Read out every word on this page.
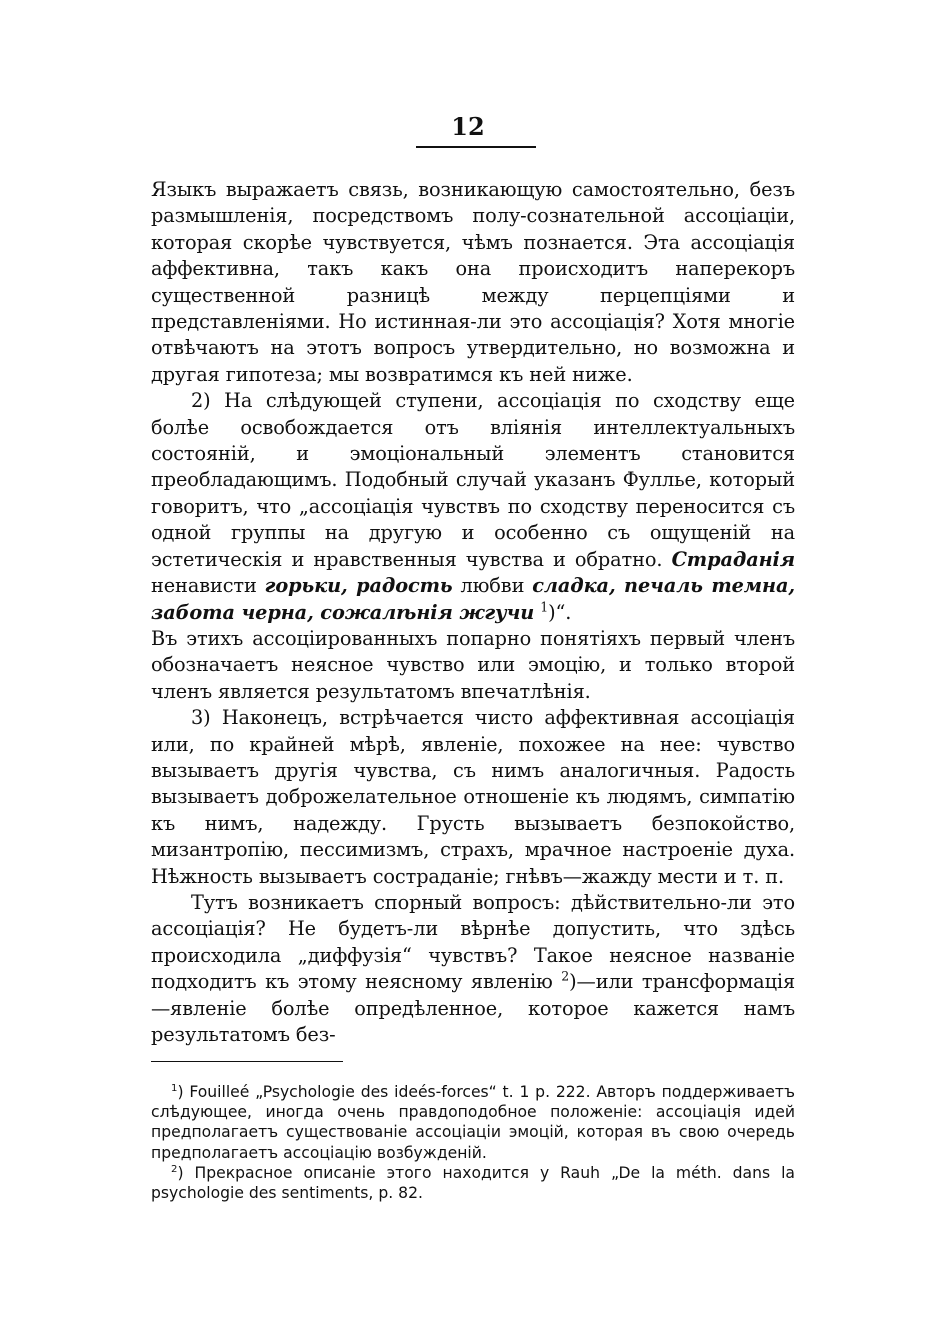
12

Языкъ выражаетъ связь, возникающую самостоятельно, безъ размышленія, посредствомъ полу-сознательной ассоціаціи, которая скорѣе чувствуется, чѣмъ познается. Эта ассоціація аффективна, такъ какъ она происходитъ наперекоръ существенной разницѣ между перцепціями и представленіями. Но истинная-ли это ассоціація? Хотя многіе отвѣчаютъ на этотъ вопросъ утвердительно, но возможна и другая гипотеза; мы возвратимся къ ней ниже.

2) На слѣдующей ступени, ассоціація по сходству еще болѣе освобождается отъ вліянія интеллектуальныхъ состояній, и эмоціональный элементъ становится преобладающимъ. Подобный случай указанъ Фуллье, который говоритъ, что „ассоціація чувствъ по сходству переносится съ одной группы на другую и особенно съ ощущеній на эстетическія и нравственныя чувства и обратно. Страданія ненависти горьки, радость любви сладка, печаль темна, забота черна, сожалѣнія жгучи $^1$)“.

Въ этихъ ассоціированныхъ попарно понятіяхъ первый членъ обозначаетъ неясное чувство или эмоцію, и только второй членъ является результатомъ впечатлѣнія.

3) Наконецъ, встрѣчается чисто аффективная ассоціація или, по крайней мѣрѣ, явленіе, похожее на нее: чувство вызываетъ другія чувства, съ нимъ аналогичныя. Радость вызываетъ доброжелательное отношеніе къ людямъ, симпатію къ нимъ, надежду. Грусть вызываетъ безпокойство, мизантропію, пессимизмъ, страхъ, мрачное настроеніе духа. Нѣжность вызываетъ состраданіе; гнѣвъ—жажду мести и т. п.

Тутъ возникаетъ спорный вопросъ: дѣйствительно-ли это ассоціація? Не будетъ-ли вѣрнѣе допустить, что здѣсь происходила „диффузія“ чувствъ? Такое неясное названіе подходитъ къ этому неясному явленію $^2$)—или трансформація—явленіе болѣе опредѣленное, которое кажется намъ результатомъ без-

$^1$) Fouilleé „Psychologie des ideés-forces“ t. 1 p. 222. Авторъ поддерживаетъ слѣдующее, иногда очень правдоподобное положеніе: ассоціація идей предполагаетъ существованіе ассоціаціи эмоцій, которая въ свою очередь предполагаетъ ассоціацію возбужденій.

$^2$) Прекрасное описаніе этого находится у Rauh „De la méth. dans la psychologie des sentiments, p. 82.
